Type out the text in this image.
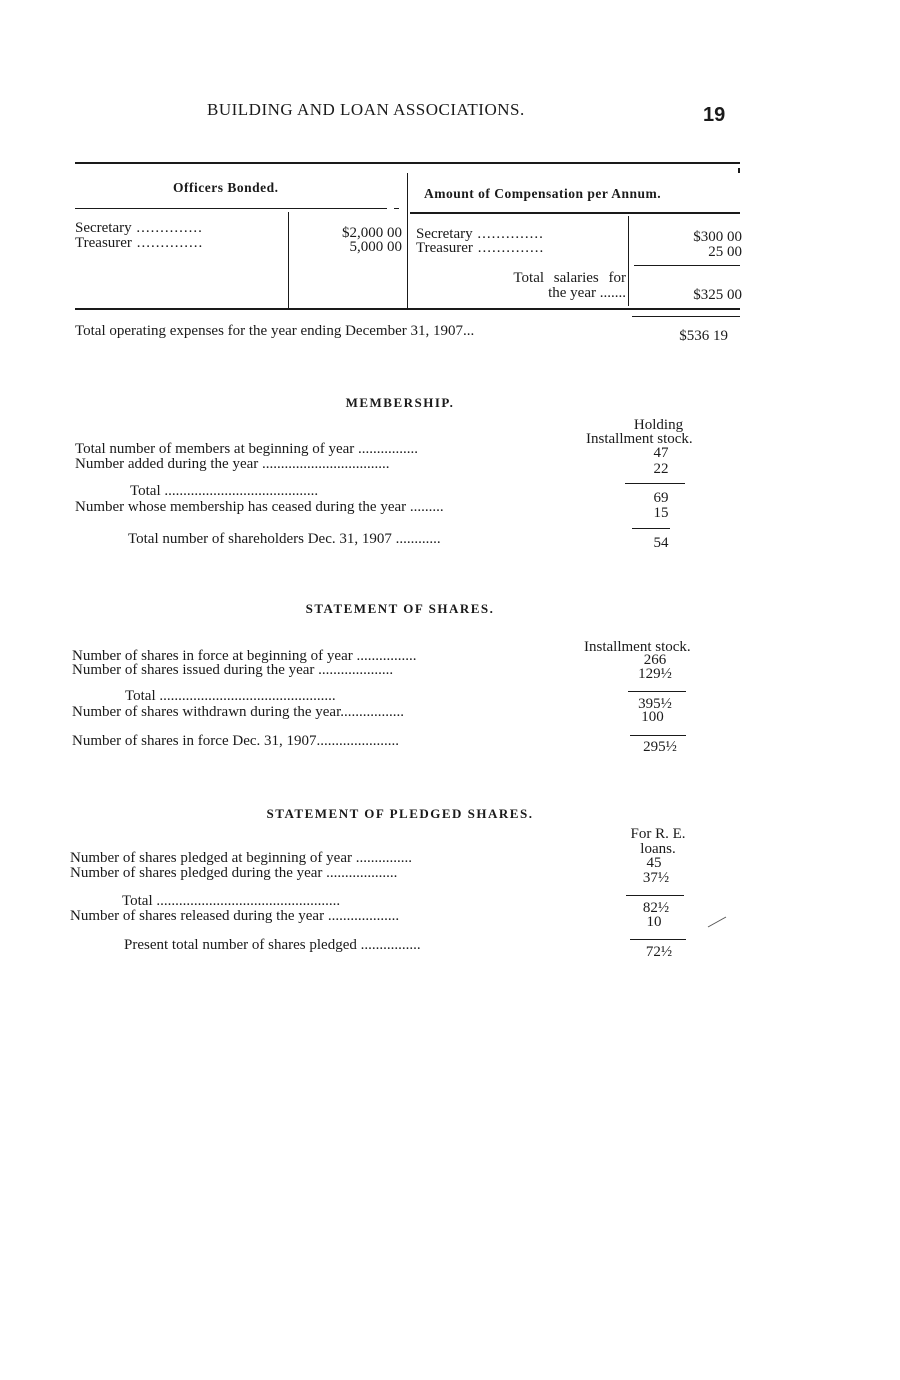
BUILDING AND LOAN ASSOCIATIONS.	19
Officers Bonded.	Amount of Compensation per Annum.
Secretary ..............	$2,000 00
Treasurer ..............	5,000 00
Secretary ..............	$300 00
Treasurer ..............	25 00
Total salaries for
the year .......	$325 00
Total operating expenses for the year ending December 31, 1907...	$536 19
MEMBERSHIP.
Holding
Installment stock.
Total number of members at beginning of year ................	47
Number added during the year ..................................	22
Total .........................................	69
Number whose membership has ceased during the year .........	15
Total number of shareholders Dec. 31, 1907 ............	54
STATEMENT OF SHARES.
Installment stock.
Number of shares in force at beginning of year ................	266
Number of shares issued during the year ....................	129½
Total ...............................................	395½
Number of shares withdrawn during the year.................	100
Number of shares in force Dec. 31, 1907......................	295½
STATEMENT OF PLEDGED SHARES.
For R. E.
loans.
Number of shares pledged at beginning of year ...............	45
Number of shares pledged during the year ...................	37½
Total .................................................	82½
Number of shares released during the year ...................	10
Present total number of shares pledged ................	72½
